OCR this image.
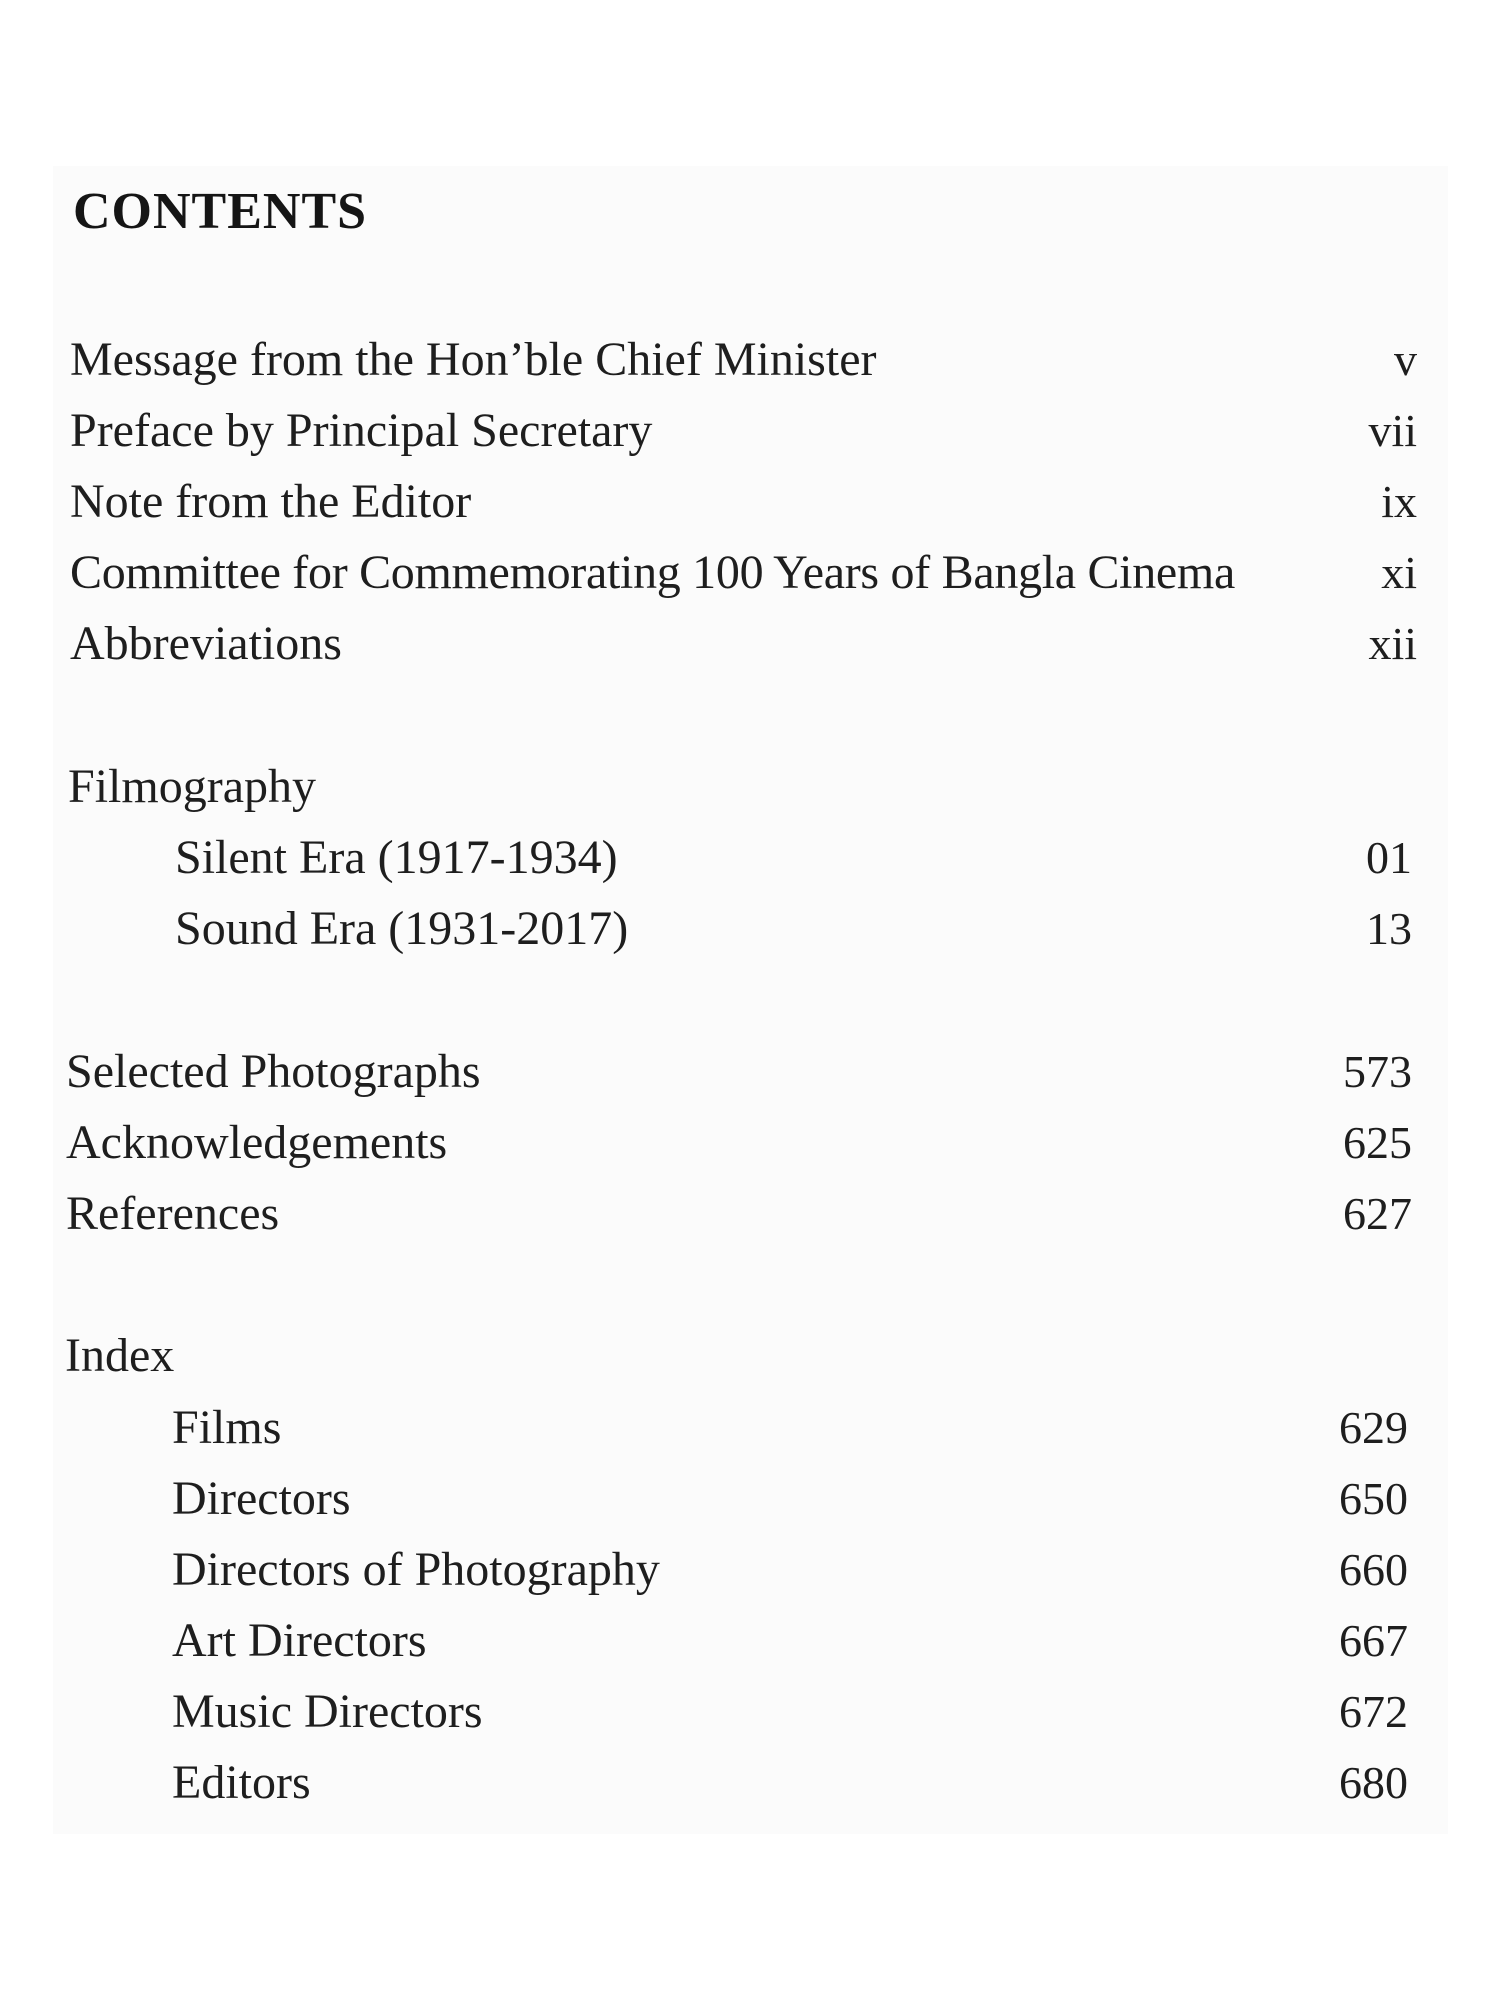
CONTENTS
Message from the Hon’ble Chief Minister	v
Preface by Principal Secretary	vii
Note from the Editor	ix
Committee for Commemorating 100 Years of Bangla Cinema	xi
Abbreviations	xii
Filmography
Silent Era (1917-1934)	01
Sound Era (1931-2017)	13
Selected Photographs	573
Acknowledgements	625
References	627
Index
Films	629
Directors	650
Directors of Photography	660
Art Directors	667
Music Directors	672
Editors	680
